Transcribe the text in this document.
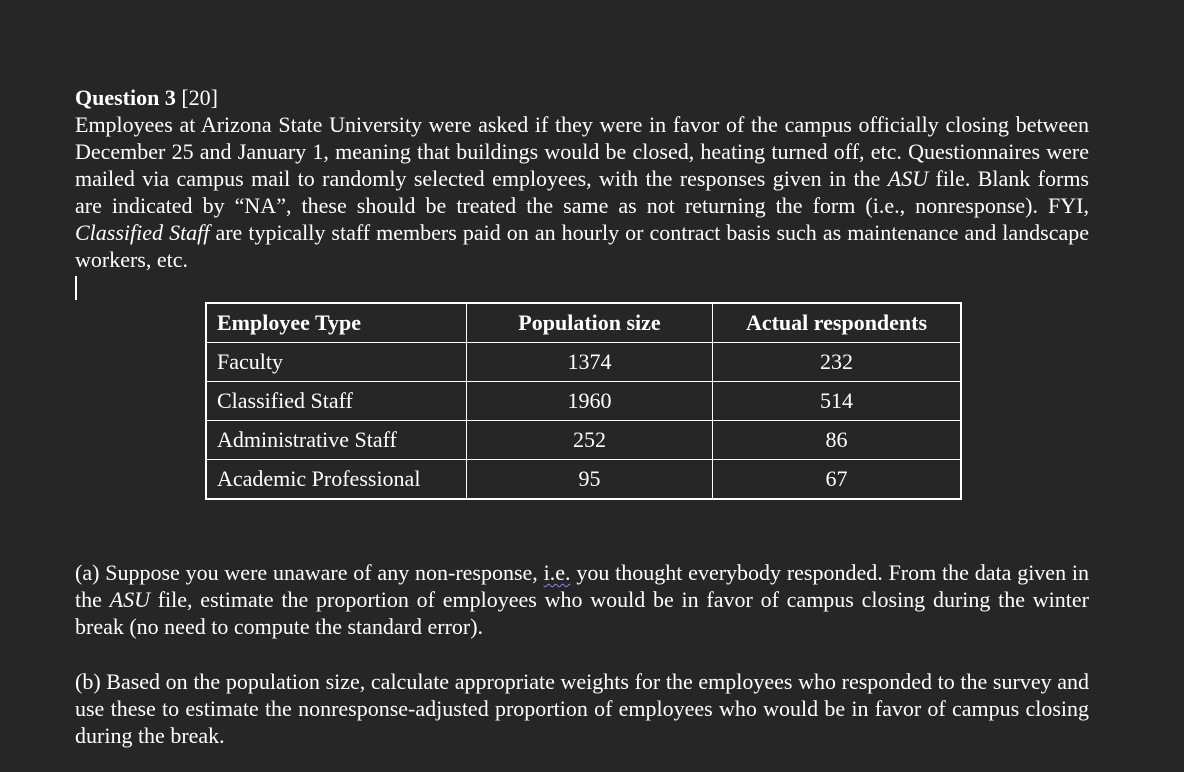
Question 3 [20]

Employees at Arizona State University were asked if they were in favor of the campus officially closing between December 25 and January 1, meaning that buildings would be closed, heating turned off, etc. Questionnaires were mailed via campus mail to randomly selected employees, with the responses given in the ASU file. Blank forms are indicated by “NA”, these should be treated the same as not returning the form (i.e., nonresponse). FYI, Classified Staff are typically staff members paid on an hourly or contract basis such as maintenance and landscape workers, etc.

Employee Type	Population size	Actual respondents
Faculty	1374	232
Classified Staff	1960	514
Administrative Staff	252	86
Academic Professional	95	67

(a) Suppose you were unaware of any non-response, i.e. you thought everybody responded. From the data given in the ASU file, estimate the proportion of employees who would be in favor of campus closing during the winter break (no need to compute the standard error).

(b) Based on the population size, calculate appropriate weights for the employees who responded to the survey and use these to estimate the nonresponse-adjusted proportion of employees who would be in favor of campus closing during the break.
